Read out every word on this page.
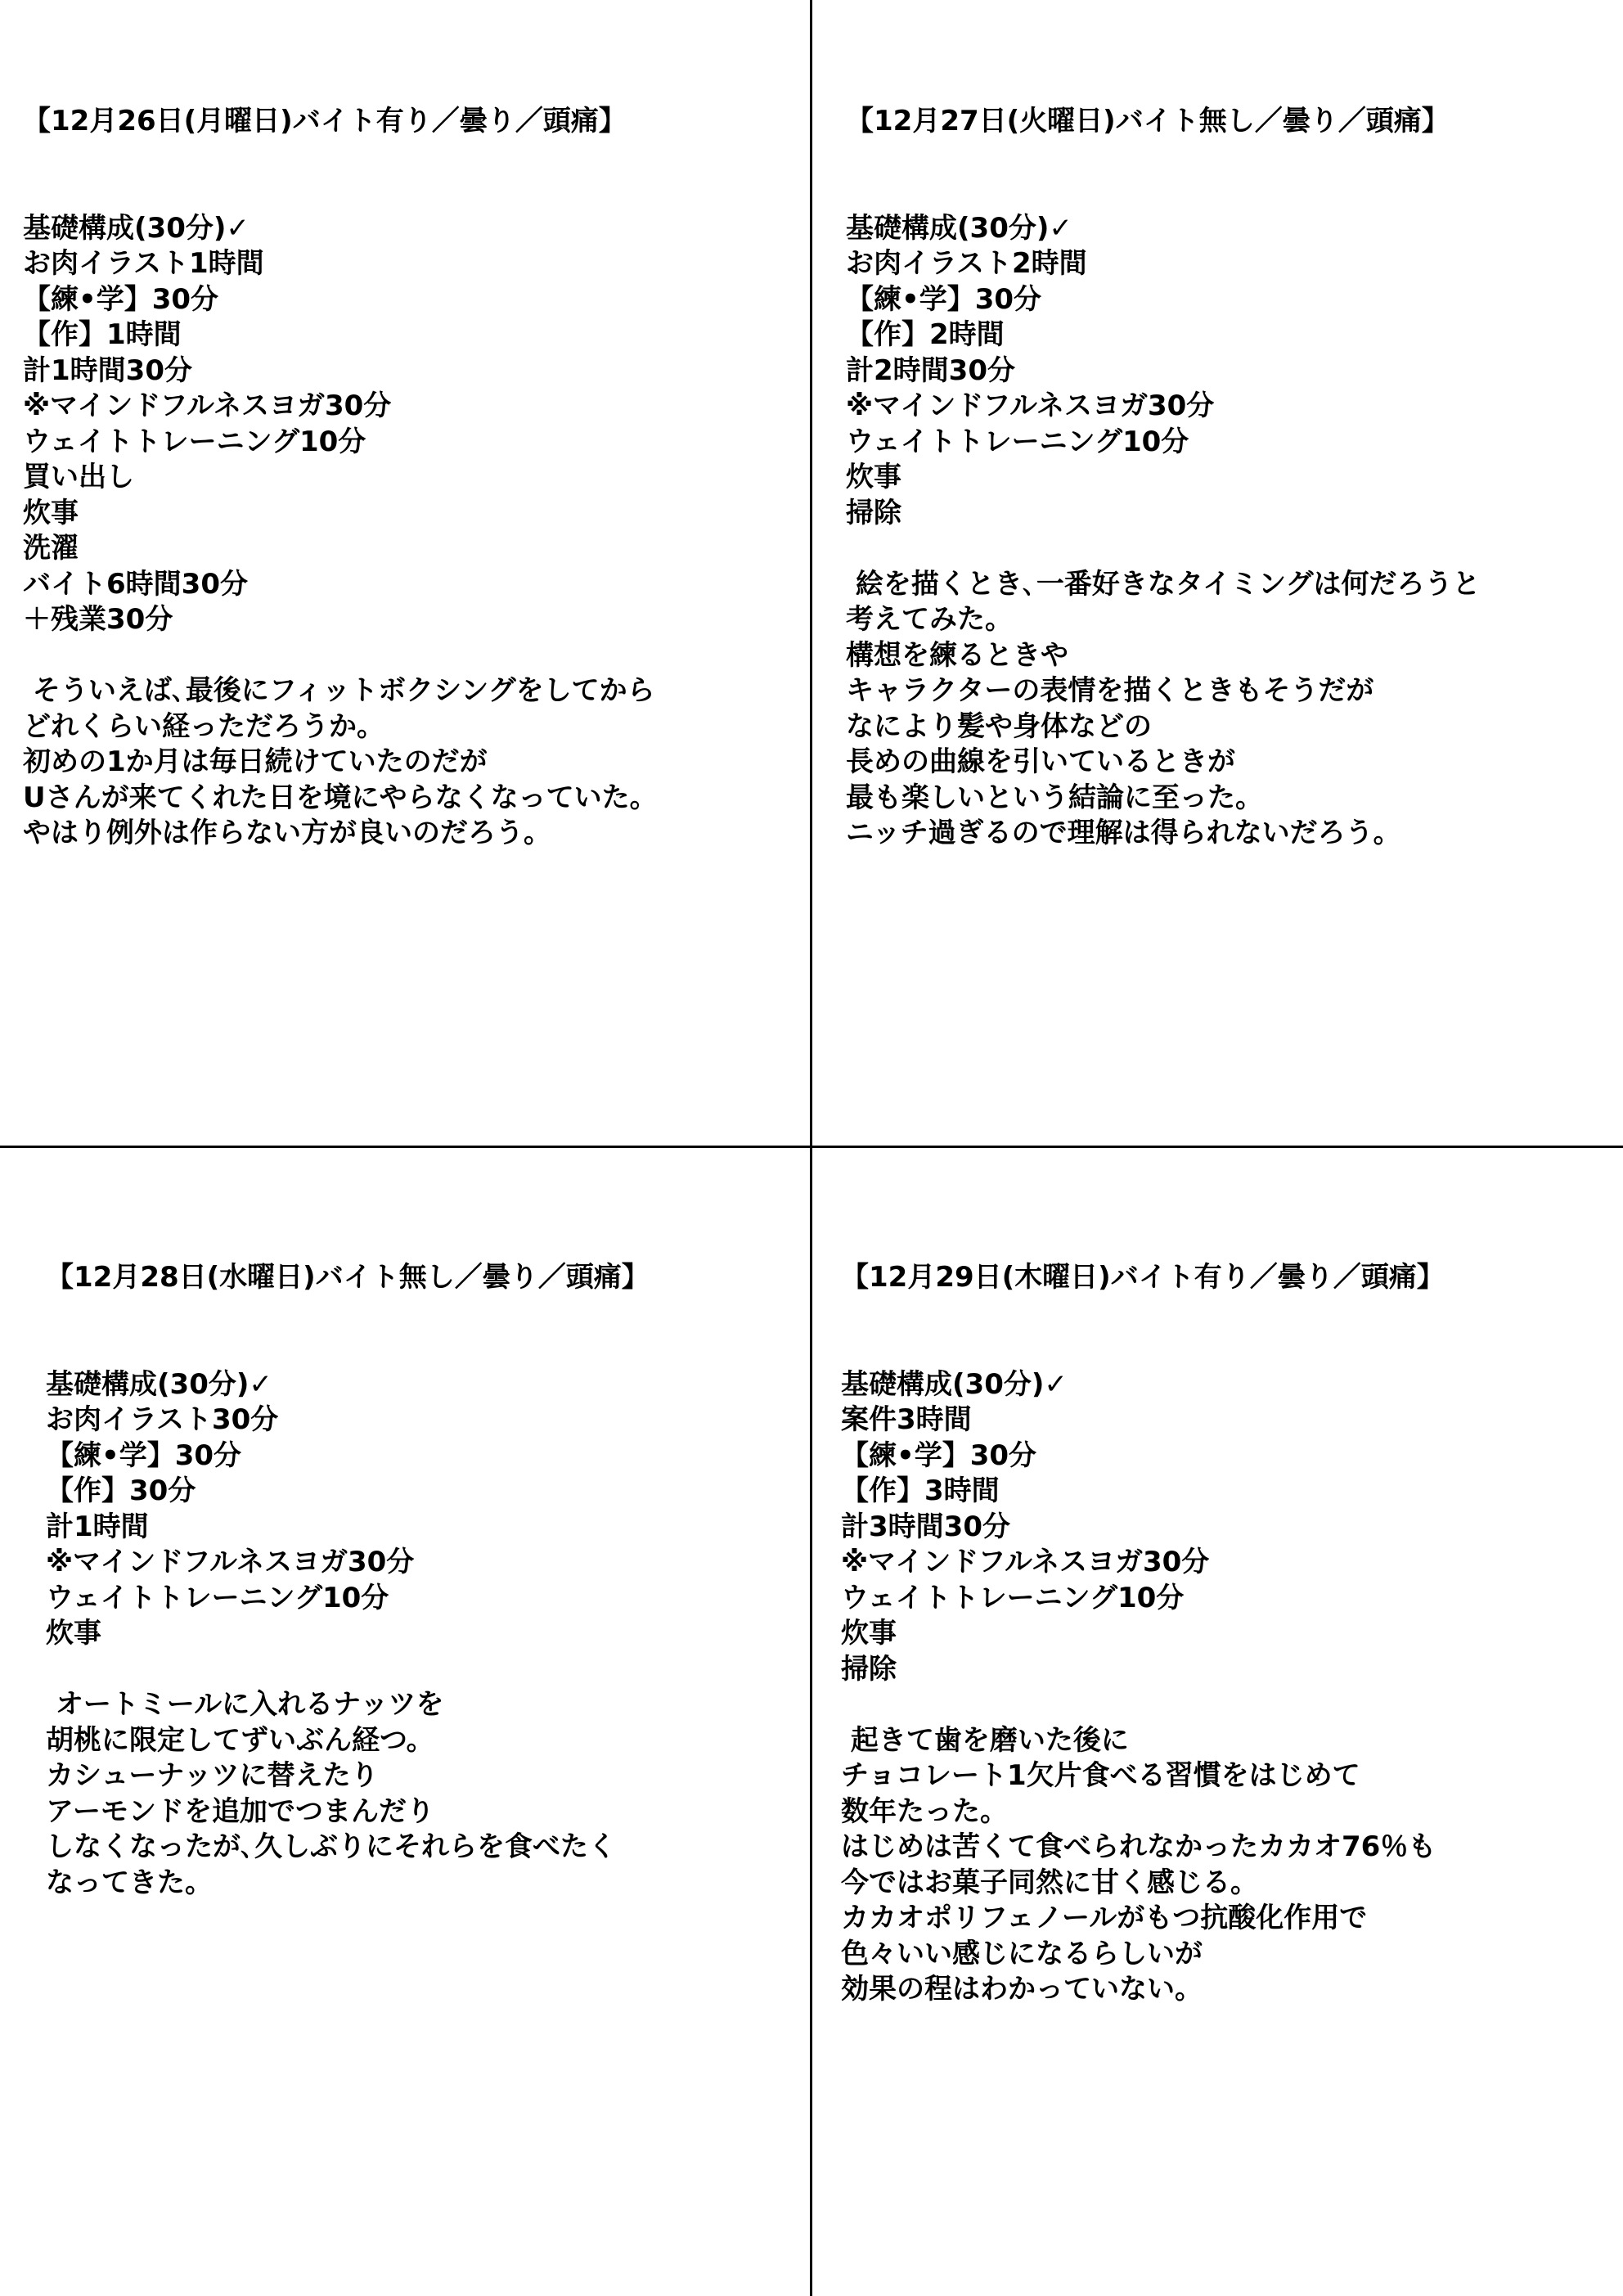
【12月26日(月曜日)バイト有り／曇り／頭痛】

基礎構成(30分)✓
お肉イラスト1時間
【練•学】30分
【作】1時間
計1時間30分
※マインドフルネスヨガ30分
ウェイトトレーニング10分
買い出し
炊事
洗濯
バイト6時間30分
＋残業30分
そういえば､最後にフィットボクシングをしてから
どれくらい経っただろうか。
初めの1か月は毎日続けていたのだが
Uさんが来てくれた日を境にやらなくなっていた。
やはり例外は作らない方が良いのだろう。

【12月27日(火曜日)バイト無し／曇り／頭痛】

基礎構成(30分)✓
お肉イラスト2時間
【練•学】30分
【作】2時間
計2時間30分
※マインドフルネスヨガ30分
ウェイトトレーニング10分
炊事
掃除
絵を描くとき､一番好きなタイミングは何だろうと
考えてみた。
構想を練るときや
キャラクターの表情を描くときもそうだが
なにより髪や身体などの
長めの曲線を引いているときが
最も楽しいという結論に至った。
ニッチ過ぎるので理解は得られないだろう。

【12月28日(水曜日)バイト無し／曇り／頭痛】

基礎構成(30分)✓
お肉イラスト30分
【練•学】30分
【作】30分
計1時間
※マインドフルネスヨガ30分
ウェイトトレーニング10分
炊事
オートミールに入れるナッツを
胡桃に限定してずいぶん経つ。
カシューナッツに替えたり
アーモンドを追加でつまんだり
しなくなったが､久しぶりにそれらを食べたく
なってきた。

【12月29日(木曜日)バイト有り／曇り／頭痛】

基礎構成(30分)✓
案件3時間
【練•学】30分
【作】3時間
計3時間30分
※マインドフルネスヨガ30分
ウェイトトレーニング10分
炊事
掃除
起きて歯を磨いた後に
チョコレート1欠片食べる習慣をはじめて
数年たった。
はじめは苦くて食べられなかったカカオ76％も
今ではお菓子同然に甘く感じる。
カカオポリフェノールがもつ抗酸化作用で
色々いい感じになるらしいが
効果の程はわかっていない。
